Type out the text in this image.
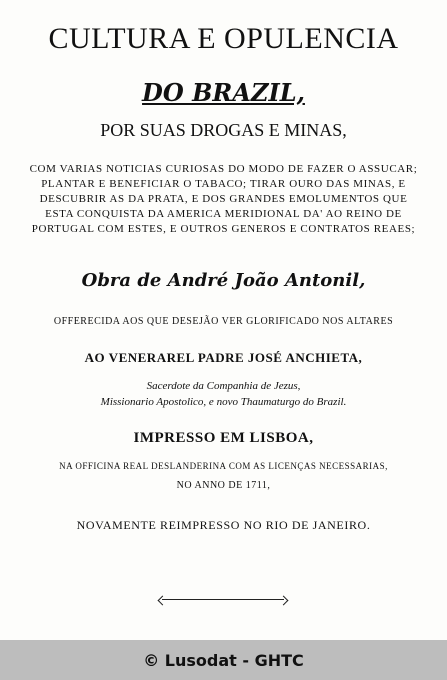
CULTURA E OPULENCIA
DO BRAZIL,
POR SUAS DROGAS E MINAS,
COM VARIAS NOTICIAS CURIOSAS DO MODO DE FAZER O ASSUCAR;
PLANTAR E BENEFICIAR O TABACO; TIRAR OURO DAS MINAS, E
DESCUBRIR AS DA PRATA, E DOS GRANDES EMOLUMENTOS QUE
ESTA CONQUISTA DA AMERICA MERIDIONAL DA' AO REINO DE
PORTUGAL COM ESTES, E OUTROS GENEROS E CONTRATOS REAES;
Obra de André João Antonil,
OFFERECIDA AOS QUE DESEJÃO VER GLORIFICADO NOS ALTARES
AO VENERAREL PADRE JOSÉ ANCHIETA,
Sacerdote da Companhia de Jezus,
Missionario Apostolico, e novo Thaumaturgo do Brazil.
IMPRESSO EM LISBOA,
NA OFFICINA REAL DESLANDERINA COM AS LICENÇAS NECESSARIAS,
NO ANNO DE 1711,
NOVAMENTE REIMPRESSO NO RIO DE JANEIRO.
© Lusodat - GHTC
